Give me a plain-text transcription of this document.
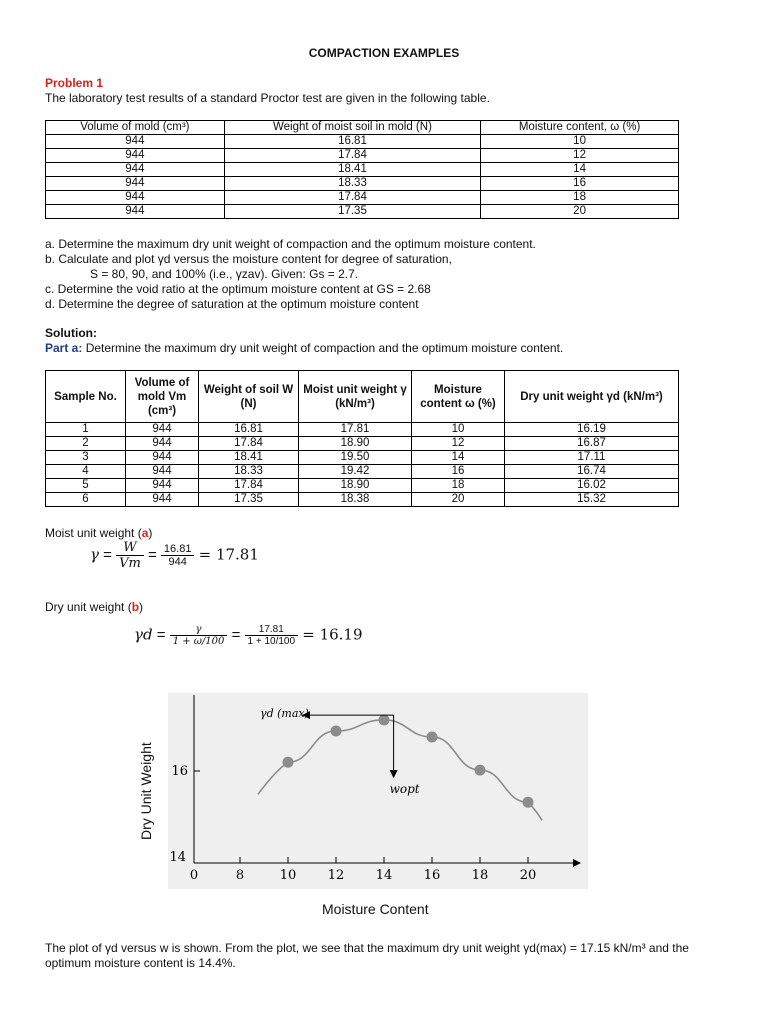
COMPACTION EXAMPLES
Problem 1
The laboratory test results of a standard Proctor test are given in the following table.
Volume of mold (cm³)	Weight of moist soil in mold (N)	Moisture content, ω (%)
944	16.81	10
944	17.84	12
944	18.41	14
944	18.33	16
944	17.84	18
944	17.35	20
a. Determine the maximum dry unit weight of compaction and the optimum moisture content.
b. Calculate and plot γd versus the moisture content for degree of saturation,
S = 80, 90, and 100% (i.e., γzav). Given: Gs = 2.7.
c. Determine the void ratio at the optimum moisture content at GS = 2.68
d. Determine the degree of saturation at the optimum moisture content
Solution:
Part a: Determine the maximum dry unit weight of compaction and the optimum moisture content.
Sample No.	Volume of mold Vm (cm³)	Weight of soil W (N)	Moist unit weight γ (kN/m³)	Moisture content ω (%)	Dry unit weight γd (kN/m³)
1	944	16.81	17.81	10	16.19
2	944	17.84	18.90	12	16.87
3	944	18.41	19.50	14	17.11
4	944	18.33	19.42	16	16.74
5	944	17.84	18.90	18	16.02
6	944	17.35	18.38	20	15.32
Moist unit weight (a)
$\gamma = \frac{W}{Vm} = \frac{16.81}{944} = 17.81$
Dry unit weight (b)
$\gamma d = \frac{\gamma}{1 + \omega/100} = \frac{17.81}{1 + 10/100} = 16.19$
Dry Unit Weight
0	8	10 12 14 16 18 20
14
16
γd (max)
wopt
Moisture Content
The plot of γd versus w is shown. From the plot, we see that the maximum dry unit weight γd(max) = 17.15 kN/m³ and the optimum moisture content is 14.4%.
